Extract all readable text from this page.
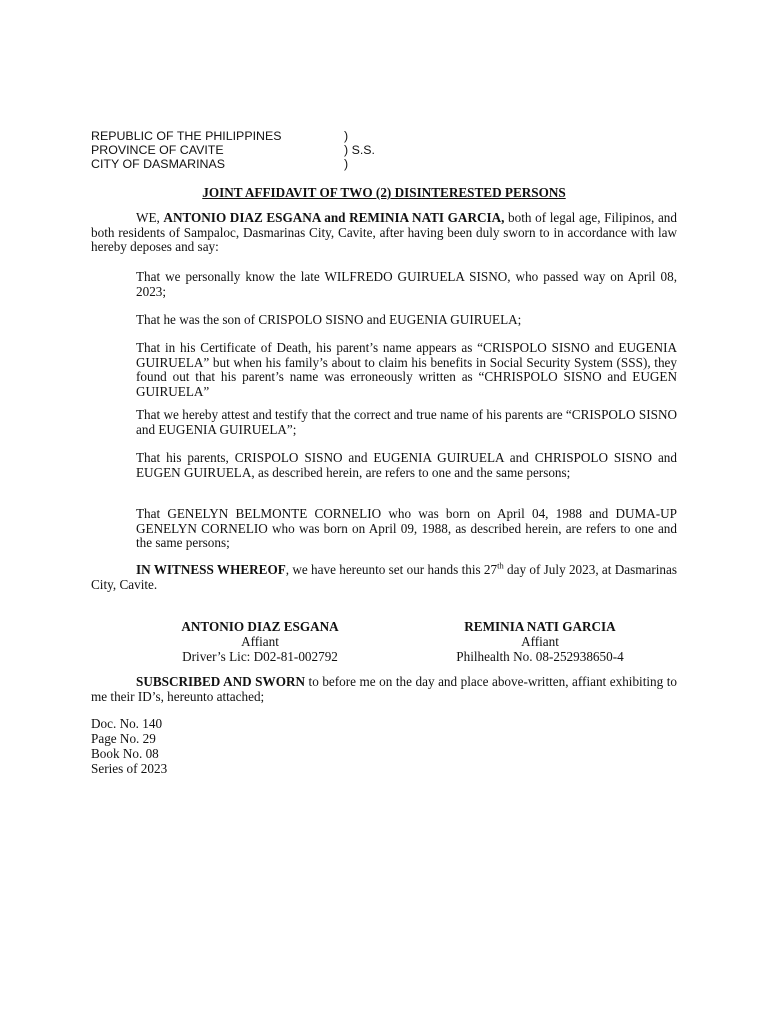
REPUBLIC OF THE PHILIPPINES	)
PROVINCE OF CAVITE	) S.S.
CITY OF DASMARINAS	)
JOINT AFFIDAVIT OF TWO (2) DISINTERESTED PERSONS

WE, ANTONIO DIAZ ESGANA and REMINIA NATI GARCIA, both of legal age, Filipinos, and both residents of Sampaloc, Dasmarinas City, Cavite, after having been duly sworn to in accordance with law hereby deposes and say:

That we personally know the late WILFREDO GUIRUELA SISNO, who passed way on April 08, 2023;

That he was the son of CRISPOLO SISNO and EUGENIA GUIRUELA;

That in his Certificate of Death, his parent’s name appears as “CRISPOLO SISNO and EUGENIA GUIRUELA” but when his family’s about to claim his benefits in Social Security System (SSS), they found out that his parent’s name was erroneously written as “CHRISPOLO SISNO and EUGEN GUIRUELA”

That we hereby attest and testify that the correct and true name of his parents are “CRISPOLO SISNO and EUGENIA GUIRUELA”;

That his parents, CRISPOLO SISNO and EUGENIA GUIRUELA and CHRISPOLO SISNO and EUGEN GUIRUELA, as described herein, are refers to one and the same persons;

That GENELYN BELMONTE CORNELIO who was born on April 04, 1988 and DUMA-UP GENELYN CORNELIO who was born on April 09, 1988, as described herein, are refers to one and the same persons;

IN WITNESS WHEREOF, we have hereunto set our hands this 27th day of July 2023, at Dasmarinas City, Cavite.

ANTONIO DIAZ ESGANA
Affiant
Driver’s Lic: D02-81-002792
REMINIA NATI GARCIA
Affiant
Philhealth No. 08-252938650-4

SUBSCRIBED AND SWORN to before me on the day and place above-written, affiant exhibiting to me their ID’s, hereunto attached;

Doc. No. 140
Page No. 29
Book No. 08
Series of 2023
